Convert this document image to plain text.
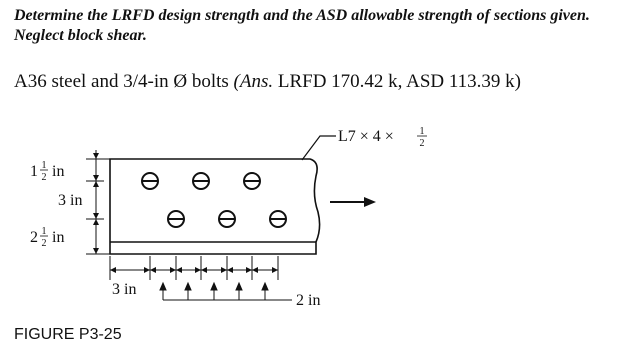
Determine the LRFD design strength and the ASD allowable strength of sections given. Neglect block shear.
A36 steel and 3/4-in Ø bolts (Ans. LRFD 170.42 k, ASD 113.39 k)
L7 × 4 ×	1
2
1 1
2 in
3 in
2 1
2 in
3 in
2 in
FIGURE P3-25
